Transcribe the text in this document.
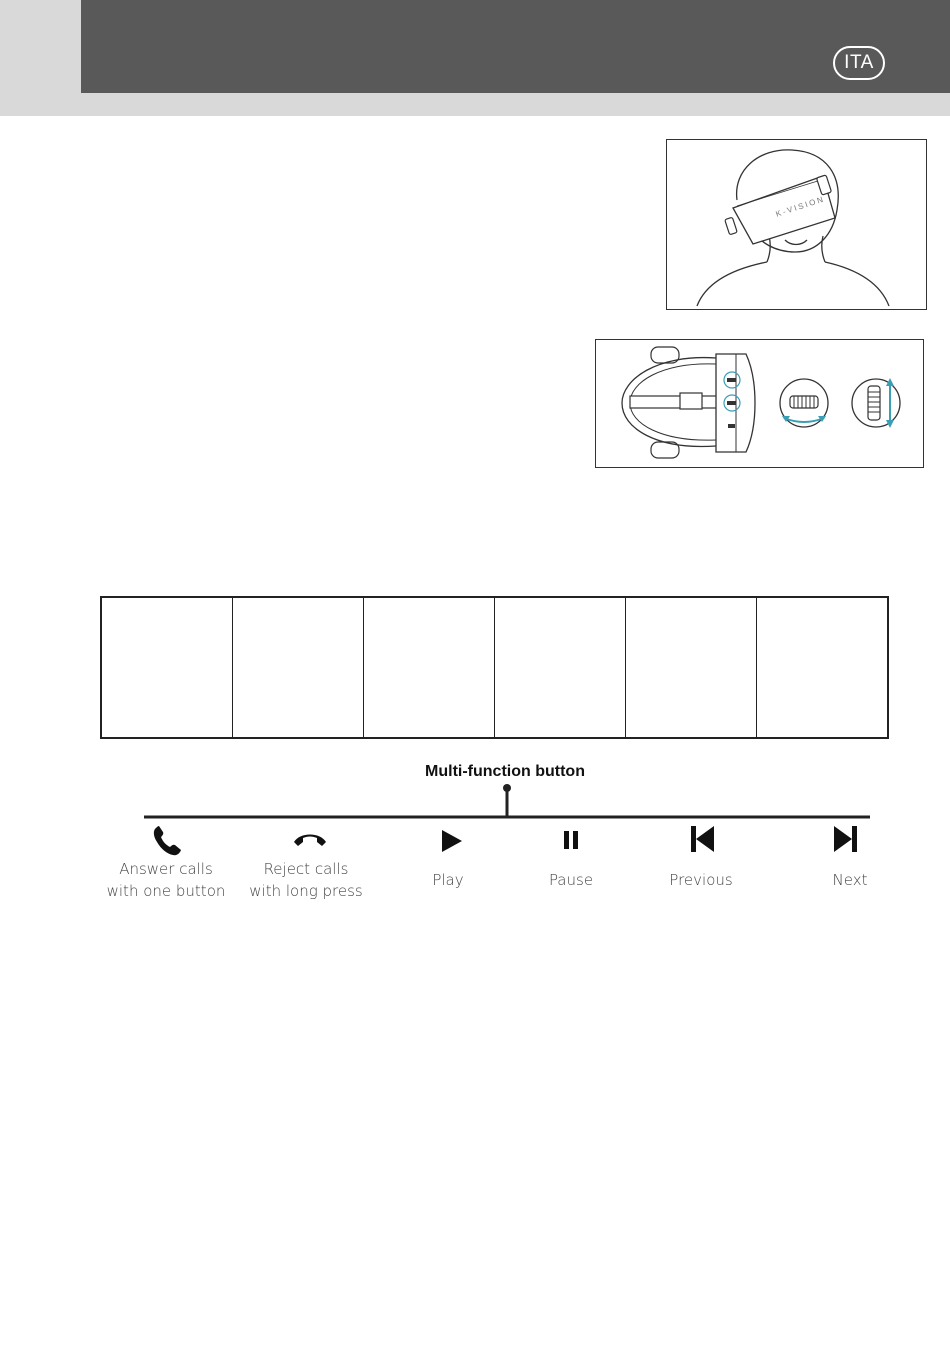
ITA
K-VISION
Multi-function button
Answer calls
with one button
Reject calls
with long press
Play	Pause	Previous	Next
